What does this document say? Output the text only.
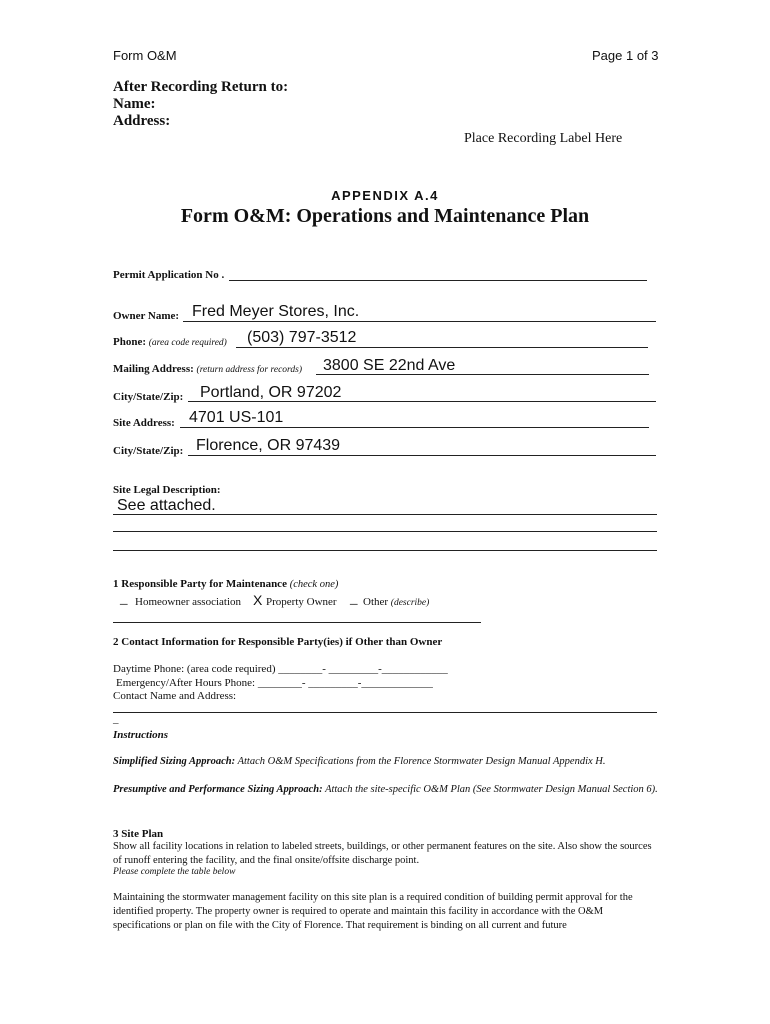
Form O&M	Page 1 of 3
After Recording Return to:
Name:
Address:
Place Recording Label Here
APPENDIX A.4
Form O&M: Operations and Maintenance Plan
Permit Application No .
Owner Name: Fred Meyer Stores, Inc.
Phone: (area code required) (503) 797-3512
Mailing Address: (return address for records) 3800 SE 22nd Ave
City/State/Zip: Portland, OR 97202
Site Address: 4701 US-101
City/State/Zip: Florence, OR 97439
Site Legal Description:
See attached.
1 Responsible Party for Maintenance (check one)
_ Homeowner association X Property Owner _ Other (describe)
2 Contact Information for Responsible Party(ies) if Other than Owner
Daytime Phone: (area code required) ________- _________-____________
Emergency/After Hours Phone: ________- _________-_____________
Contact Name and Address:
_
Instructions
Simplified Sizing Approach: Attach O&M Specifications from the Florence Stormwater Design Manual Appendix H.
Presumptive and Performance Sizing Approach: Attach the site-specific O&M Plan (See Stormwater Design Manual Section 6).
3 Site Plan
Show all facility locations in relation to labeled streets, buildings, or other permanent features on the site. Also show the sources of runoff entering the facility, and the final onsite/offsite discharge point.
Please complete the table below
Maintaining the stormwater management facility on this site plan is a required condition of building permit approval for the identified property. The property owner is required to operate and maintain this facility in accordance with the O&M specifications or plan on file with the City of Florence. That requirement is binding on all current and future
